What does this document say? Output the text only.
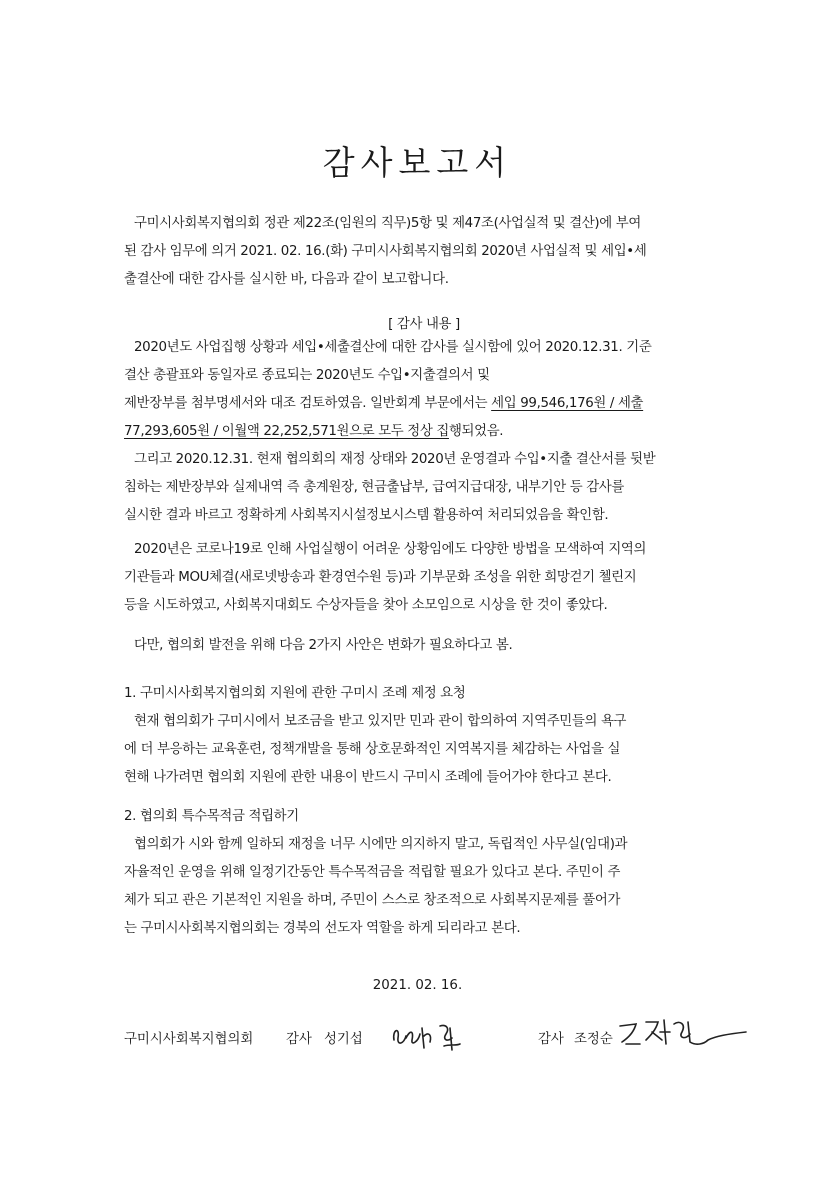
감사보고서
구미시사회복지협의회 정관 제22조(임원의 직무)5항 및 제47조(사업실적 및 결산)에 부여
된 감사 임무에 의거 2021. 02. 16.(화) 구미시사회복지협의회 2020년 사업실적 및 세입•세
출결산에 대한 감사를 실시한 바, 다음과 같이 보고합니다.
[ 감사 내용 ]
2020년도 사업집행 상황과 세입•세출결산에 대한 감사를 실시함에 있어 2020.12.31. 기준
결산 총괄표와 동일자로 종료되는 2020년도 수입•지출결의서 및
제반장부를 첨부명세서와 대조 검토하였음. 일반회계 부문에서는 세입 99,546,176원 / 세출
77,293,605원 / 이월액 22,252,571원으로 모두 정상 집행되었음.
그리고 2020.12.31. 현재 협의회의 재정 상태와 2020년 운영결과 수입•지출 결산서를 뒷받
침하는 제반장부와 실제내역 즉 총계원장, 현금출납부, 급여지급대장, 내부기안 등 감사를
실시한 결과 바르고 정확하게 사회복지시설정보시스템 활용하여 처리되었음을 확인함.
2020년은 코로나19로 인해 사업실행이 어려운 상황임에도 다양한 방법을 모색하여 지역의
기관들과 MOU체결(새로넷방송과 환경연수원 등)과 기부문화 조성을 위한 희망걷기 첼린지
등을 시도하였고, 사회복지대회도 수상자들을 찾아 소모임으로 시상을 한 것이 좋았다.
다만, 협의회 발전을 위해 다음 2가지 사안은 변화가 필요하다고 봄.
1. 구미시사회복지협의회 지원에 관한 구미시 조례 제정 요청
현재 협의회가 구미시에서 보조금을 받고 있지만 민과 관이 합의하여 지역주민들의 욕구
에 더 부응하는 교육훈련, 정책개발을 통해 상호문화적인 지역복지를 체감하는 사업을 실
현해 나가려면 협의회 지원에 관한 내용이 반드시 구미시 조례에 들어가야 한다고 본다.
2. 협의회 특수목적금 적립하기
협의회가 시와 함께 일하되 재정을 너무 시에만 의지하지 말고, 독립적인 사무실(임대)과
자율적인 운영을 위해 일정기간동안 특수목적금을 적립할 필요가 있다고 본다. 주민이 주
체가 되고 관은 기본적인 지원을 하며, 주민이 스스로 창조적으로 사회복지문제를 풀어가
는 구미시사회복지협의회는 경북의 선도자 역할을 하게 되리라고 본다.
2021. 02. 16.
구미시사회복지협의회 감사 성기섭	감사 조정순
